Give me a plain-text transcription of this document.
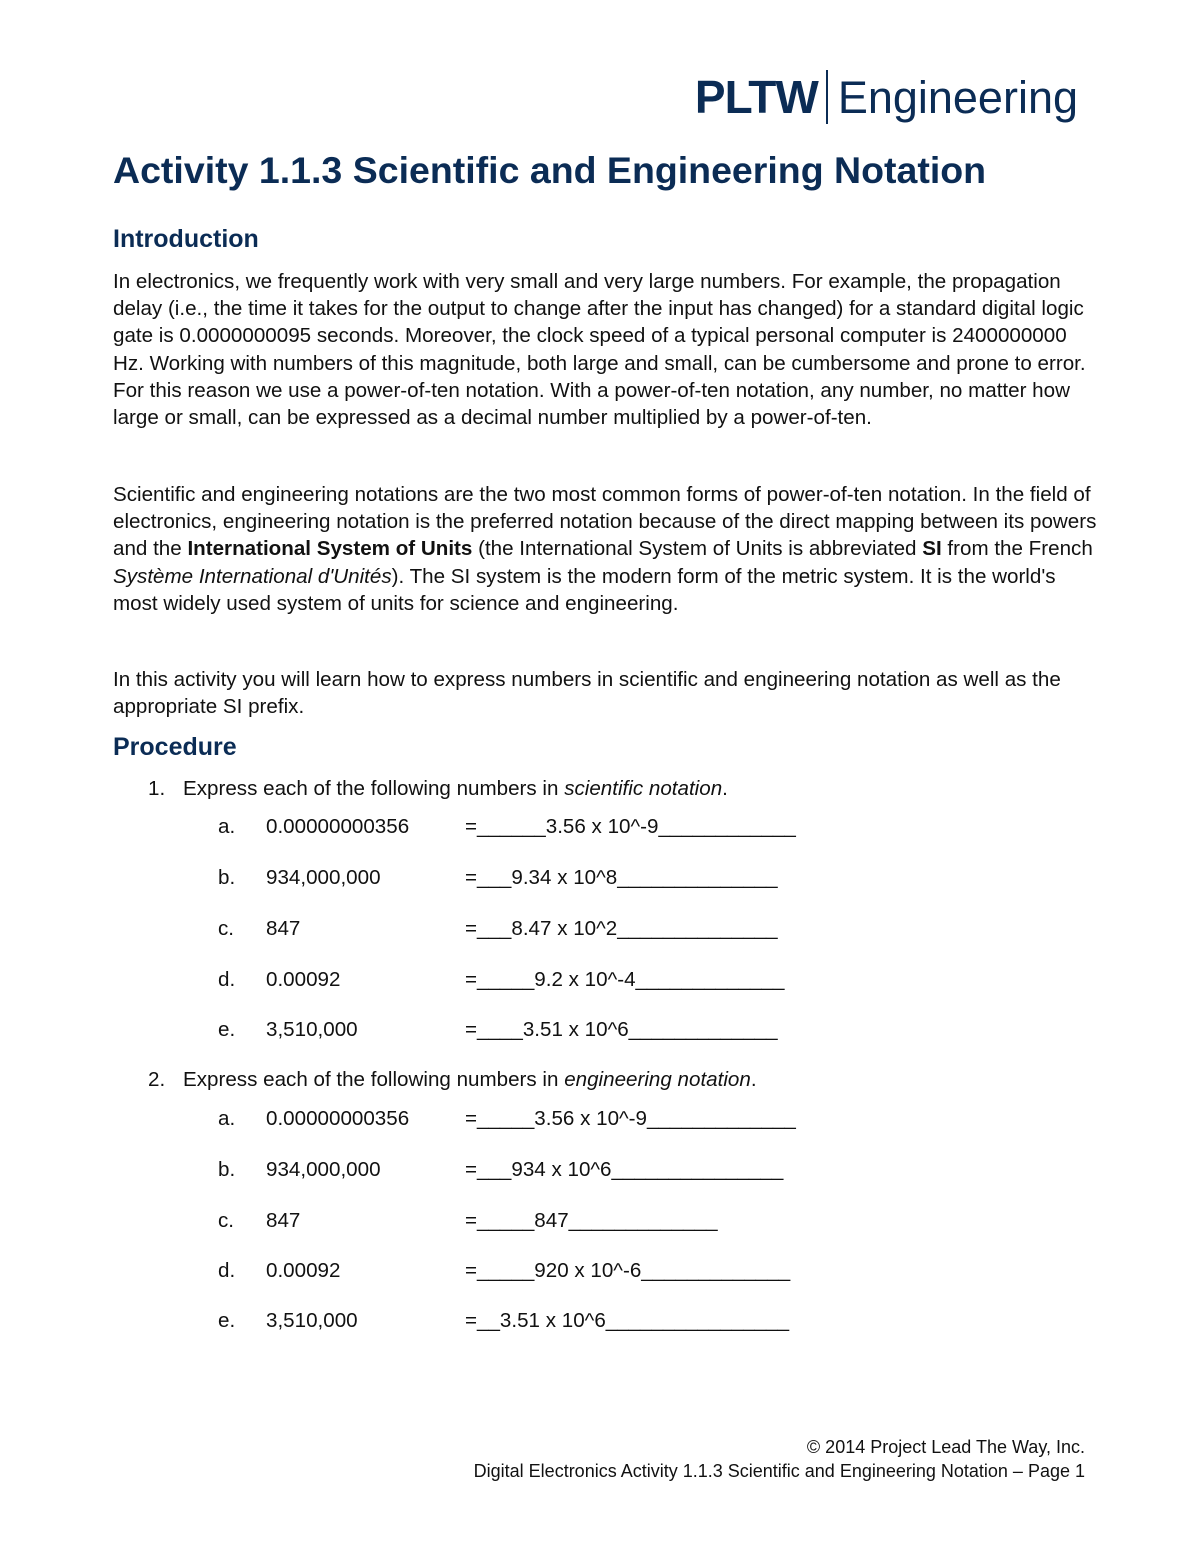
PLTW Engineering
Activity 1.1.3 Scientific and Engineering Notation
Introduction

In electronics, we frequently work with very small and very large numbers. For example, the propagation delay (i.e., the time it takes for the output to change after the input has changed) for a standard digital logic gate is 0.0000000095 seconds. Moreover, the clock speed of a typical personal computer is 2400000000 Hz. Working with numbers of this magnitude, both large and small, can be cumbersome and prone to error. For this reason we use a power-of-ten notation. With a power-of-ten notation, any number, no matter how large or small, can be expressed as a decimal number multiplied by a power-of-ten.

Scientific and engineering notations are the two most common forms of power-of-ten notation. In the field of electronics, engineering notation is the preferred notation because of the direct mapping between its powers and the International System of Units (the International System of Units is abbreviated SI from the French Système International d'Unités). The SI system is the modern form of the metric system. It is the world's most widely used system of units for science and engineering.

In this activity you will learn how to express numbers in scientific and engineering notation as well as the appropriate SI prefix.

Procedure
1. Express each of the following numbers in scientific notation.
a. 0.00000000356	=______3.56 x 10^-9____________
b. 934,000,000	=___9.34 x 10^8______________
c. 847	=___8.47 x 10^2______________
d. 0.00092	=_____9.2 x 10^-4_____________
e. 3,510,000	=____3.51 x 10^6_____________
2. Express each of the following numbers in engineering notation.
a. 0.00000000356	=_____3.56 x 10^-9_____________
b. 934,000,000	=___934 x 10^6_______________
c. 847	=_____847_____________
d. 0.00092	=_____920 x 10^-6_____________
e. 3,510,000	=__3.51 x 10^6________________
© 2014 Project Lead The Way, Inc.
Digital Electronics Activity 1.1.3 Scientific and Engineering Notation – Page 1
